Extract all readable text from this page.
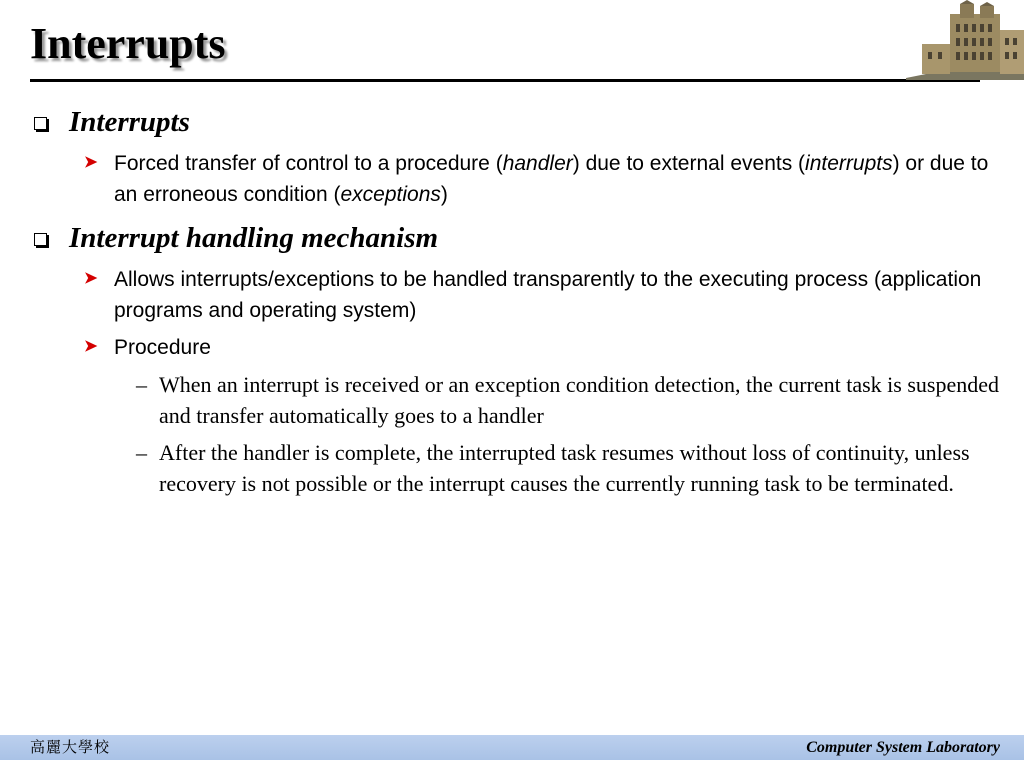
Interrupts
Interrupts
➤ Forced transfer of control to a procedure (handler) due to external events (interrupts) or due to an erroneous condition (exceptions)
Interrupt handling mechanism
➤ Allows interrupts/exceptions to be handled transparently to the executing process (application programs and operating system)
➤ Procedure
– When an interrupt is received or an exception condition detection, the current task is suspended and transfer automatically goes to a handler
– After the handler is complete, the interrupted task resumes without loss of continuity, unless recovery is not possible or the interrupt causes the currently running task to be terminated.
高麗大學校	Computer System Laboratory
